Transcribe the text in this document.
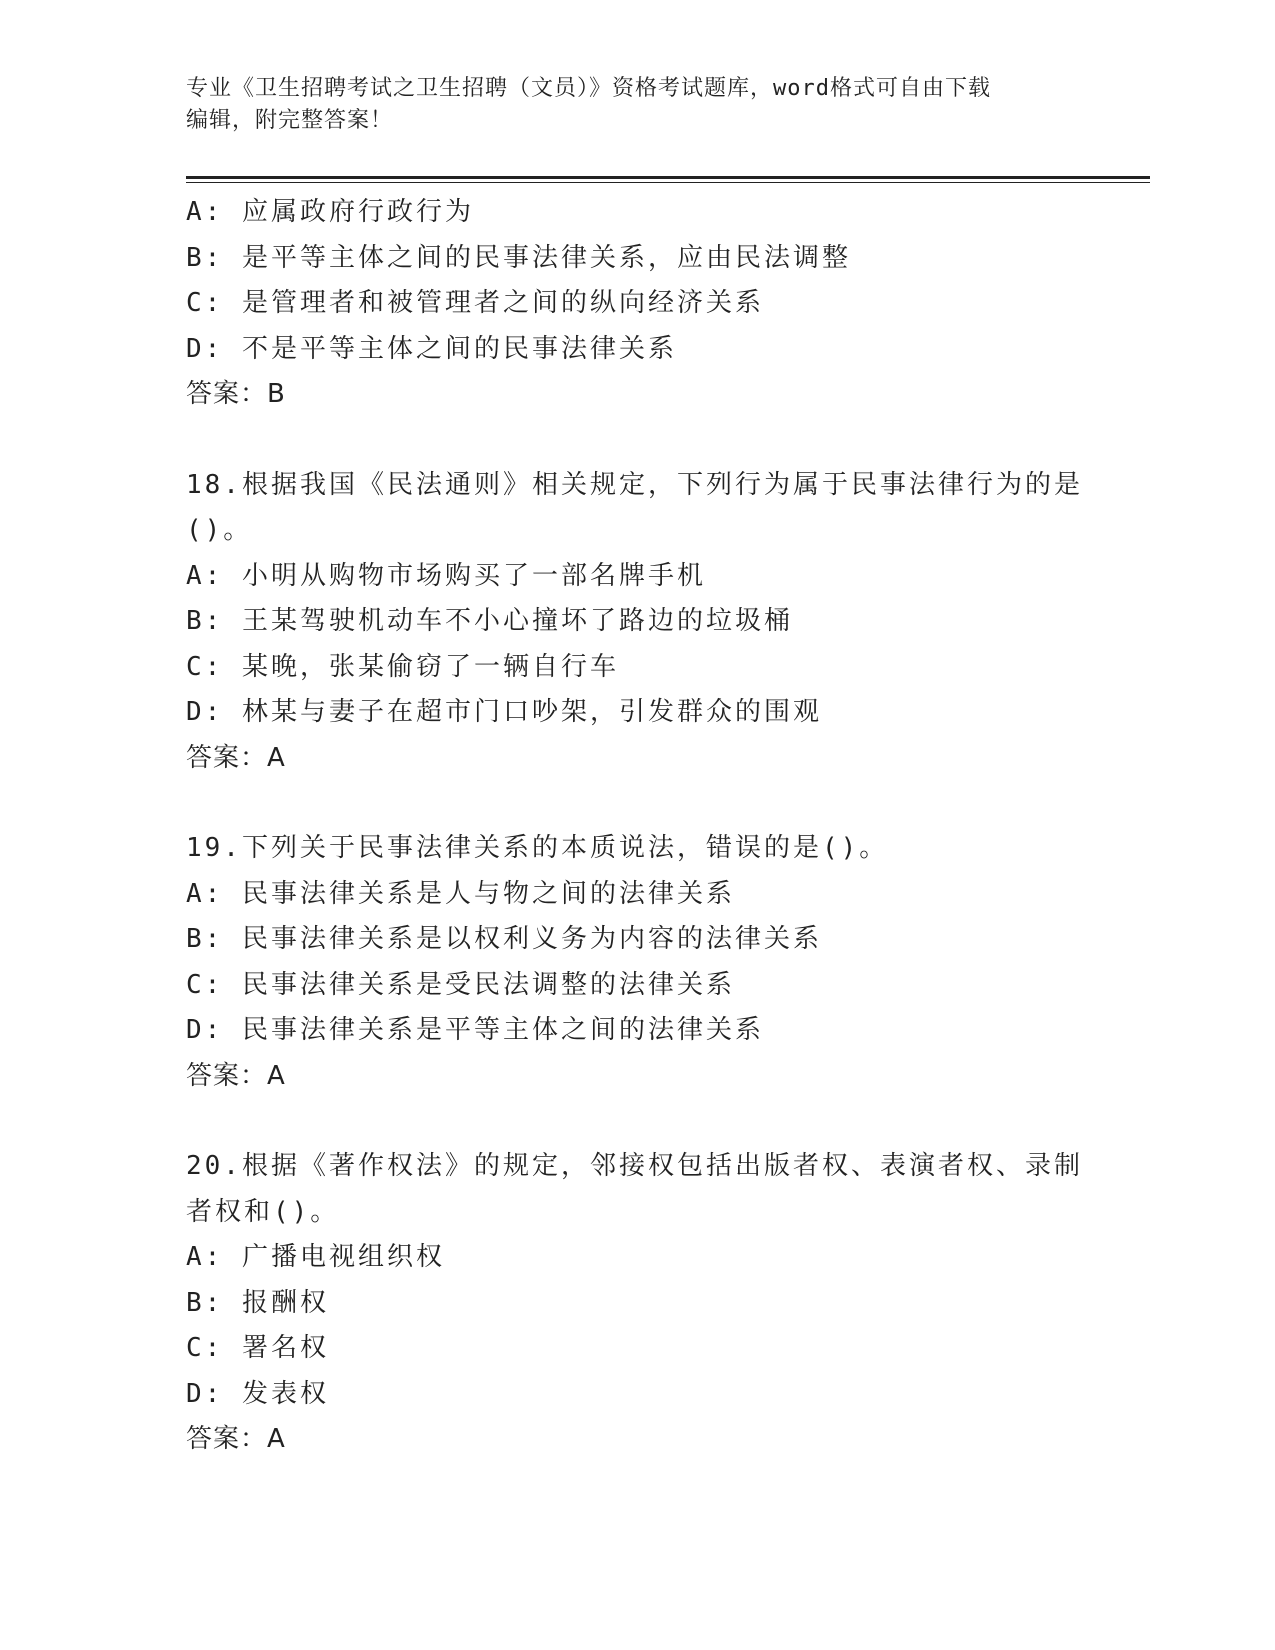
专业《卫生招聘考试之卫生招聘（文员）》资格考试题库，word格式可自由下载
编辑，附完整答案！
A: 应属政府行政行为
B: 是平等主体之间的民事法律关系，应由民法调整
C: 是管理者和被管理者之间的纵向经济关系
D: 不是平等主体之间的民事法律关系
答案：B
18.根据我国《民法通则》相关规定，下列行为属于民事法律行为的是
()。
A: 小明从购物市场购买了一部名牌手机
B: 王某驾驶机动车不小心撞坏了路边的垃圾桶
C: 某晚，张某偷窃了一辆自行车
D: 林某与妻子在超市门口吵架，引发群众的围观
答案：A
19.下列关于民事法律关系的本质说法，错误的是()。
A: 民事法律关系是人与物之间的法律关系
B: 民事法律关系是以权利义务为内容的法律关系
C: 民事法律关系是受民法调整的法律关系
D: 民事法律关系是平等主体之间的法律关系
答案：A
20.根据《著作权法》的规定，邻接权包括出版者权、表演者权、录制
者权和()。
A: 广播电视组织权
B: 报酬权
C: 署名权
D: 发表权
答案：A
